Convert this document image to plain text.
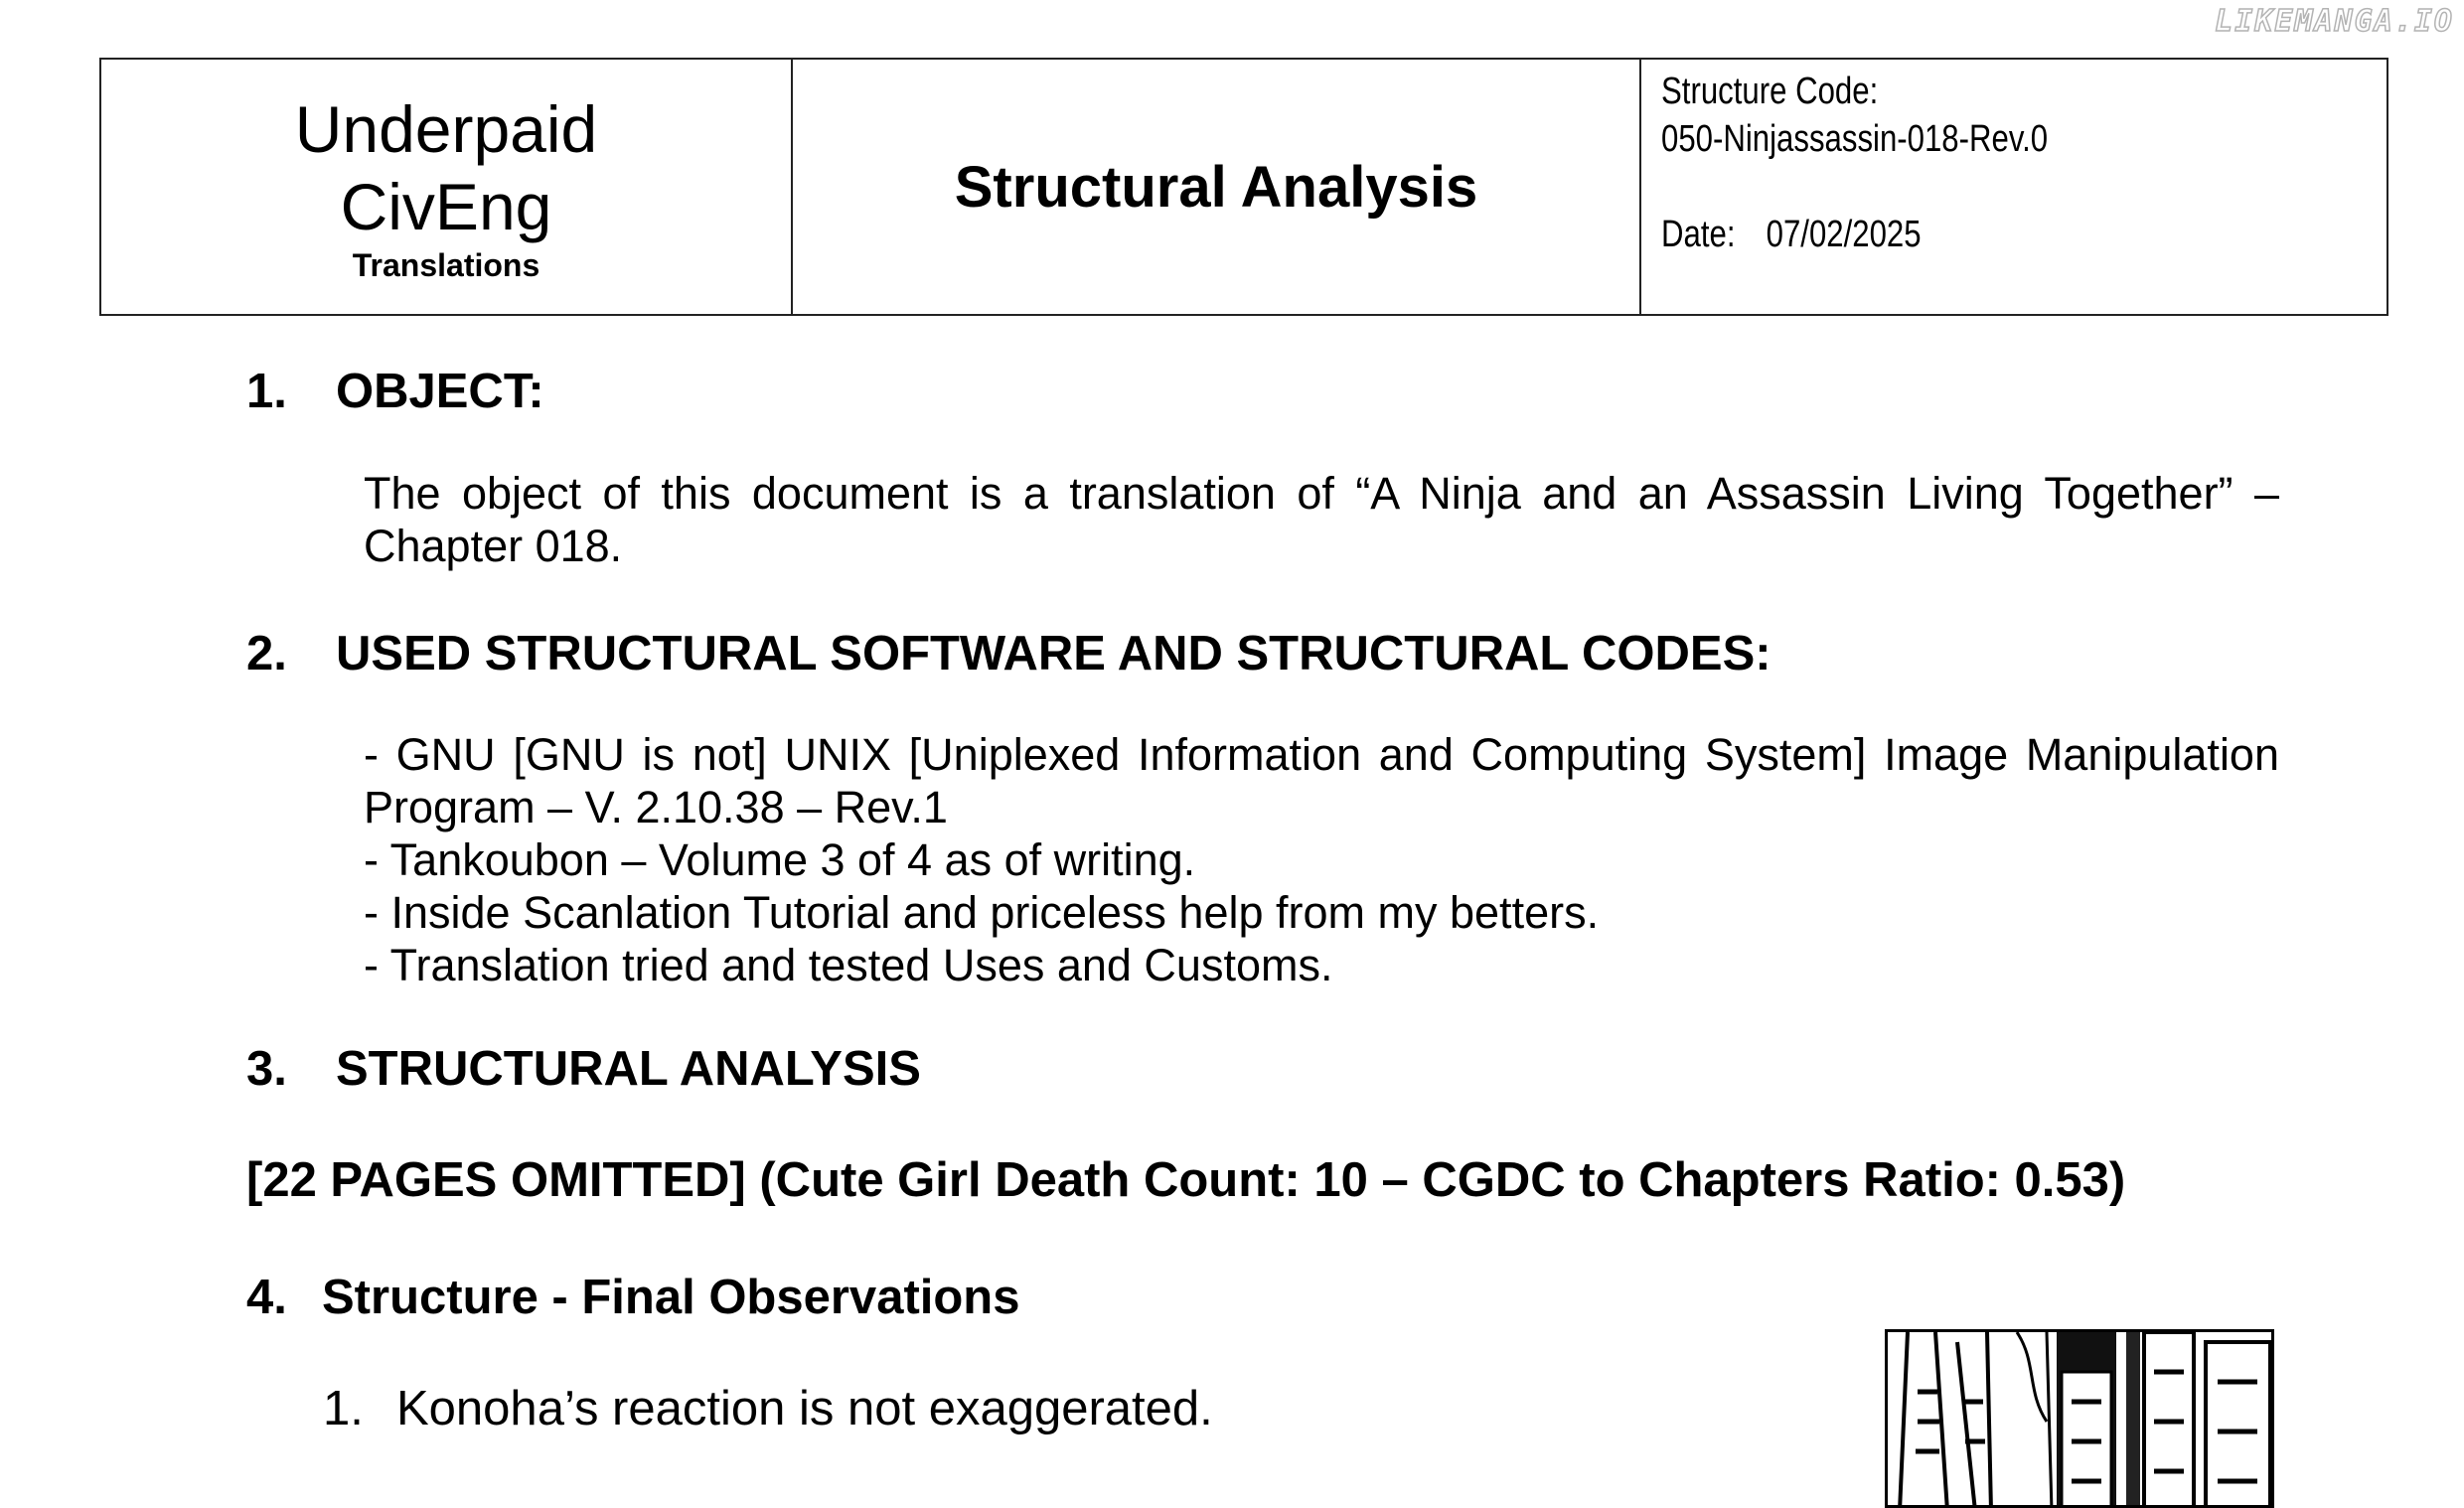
LIKEMANGA.IO
Underpaid
CivEng
Translations
Structural Analysis
Structure Code:
050-Ninjassassin-018-Rev.0
Date: 07/02/2025
1.	OBJECT:

The object of this document is a translation of “A Ninja and an Assassin Living Together” – Chapter 018.

2.	USED STRUCTURAL SOFTWARE AND STRUCTURAL CODES:

- GNU [GNU is not] UNIX [Uniplexed Information and Computing System] Image Manipulation Program – V. 2.10.38 – Rev.1

- Tankoubon – Volume 3 of 4 as of writing.

- Inside Scanlation Tutorial and priceless help from my betters.

- Translation tried and tested Uses and Customs.

3.	STRUCTURAL ANALYSIS
[22 PAGES OMITTED] (Cute Girl Death Count: 10 – CGDC to Chapters Ratio: 0.53)
4. Structure - Final Observations
1. Konoha’s reaction is not exaggerated.
